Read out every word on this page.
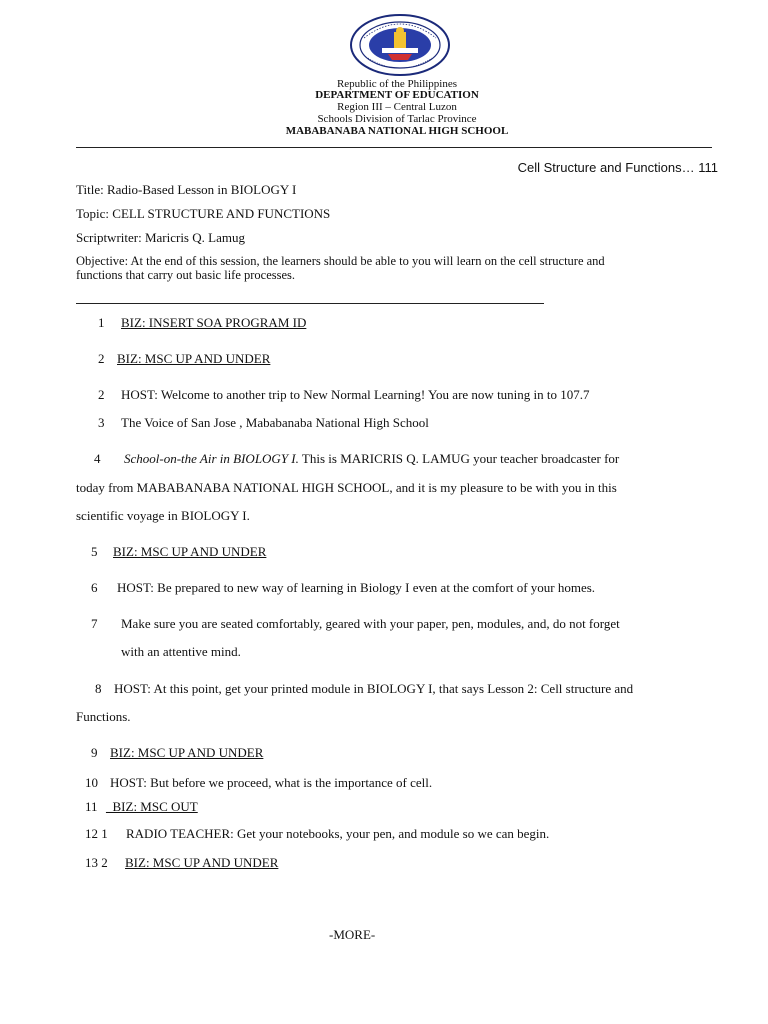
Republic of the Philippines
DEPARTMENT OF EDUCATION
Region III – Central Luzon
Schools Division of Tarlac Province
MABABANABA NATIONAL HIGH SCHOOL
Cell Structure and Functions… 111
Title: Radio-Based Lesson in BIOLOGY I
Topic: CELL STRUCTURE AND FUNCTIONS
Scriptwriter: Maricris Q. Lamug
Objective: At the end of this session, the learners should be able to you will learn on the cell structure and
functions that carry out basic life processes.
1 BIZ: INSERT SOA PROGRAM ID
2 BIZ: MSC UP AND UNDER
2 HOST: Welcome to another trip to New Normal Learning! You are now tuning in to 107.7
3 The Voice of San Jose , Mababanaba National High School
4 School-on-the Air in BIOLOGY I. This is MARICRIS Q. LAMUG your teacher broadcaster for
today from MABABANABA NATIONAL HIGH SCHOOL, and it is my pleasure to be with you in this
scientific voyage in BIOLOGY I.
5 BIZ: MSC UP AND UNDER
6 HOST: Be prepared to new way of learning in Biology I even at the comfort of your homes.
7 Make sure you are seated comfortably, geared with your paper, pen, modules, and, do not forget
with an attentive mind.
8 HOST: At this point, get your printed module in BIOLOGY I, that says Lesson 2: Cell structure and
Functions.
9 BIZ: MSC UP AND UNDER
10 HOST: But before we proceed, what is the importance of cell.
11 _BIZ: MSC OUT
12 1 RADIO TEACHER: Get your notebooks, your pen, and module so we can begin.
13 2 BIZ: MSC UP AND UNDER
-MORE-
